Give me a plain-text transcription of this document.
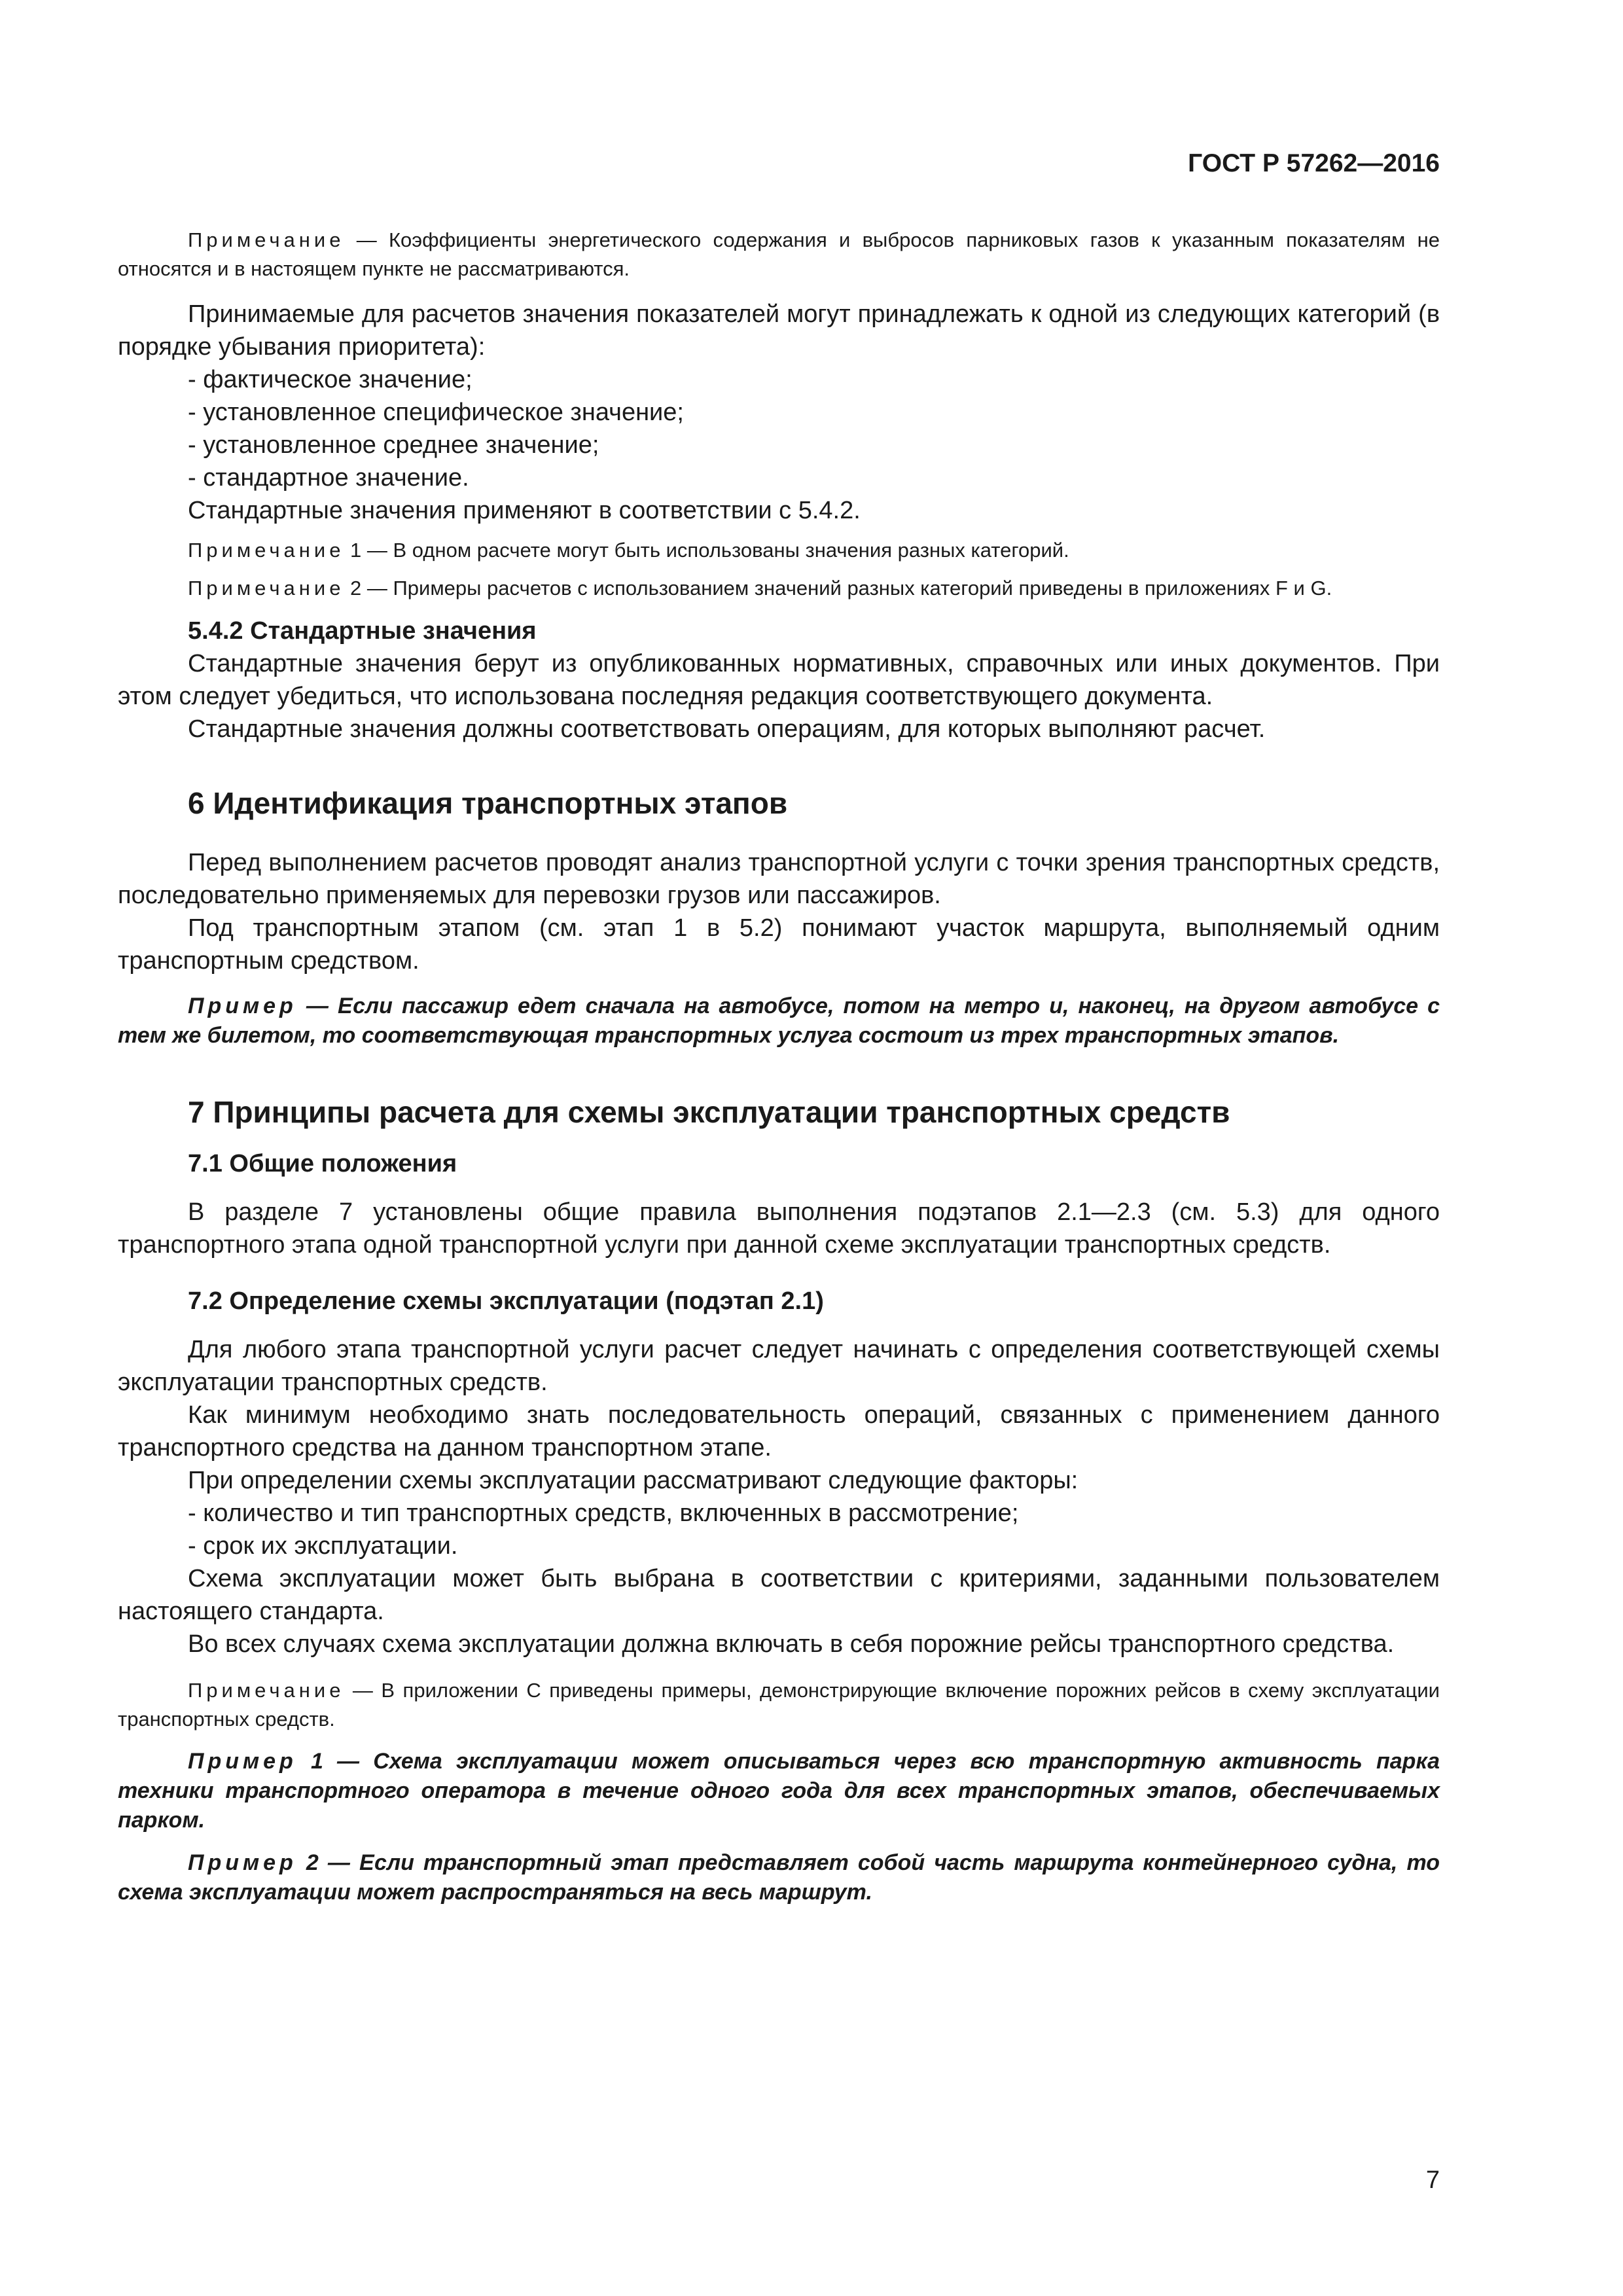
ГОСТ Р 57262—2016

Примечание — Коэффициенты энергетического содержания и выбросов парниковых газов к указанным показателям не относятся и в настоящем пункте не рассматриваются.

Принимаемые для расчетов значения показателей могут принадлежать к одной из следующих категорий (в порядке убывания приоритета):

- фактическое значение;

- установленное специфическое значение;

- установленное среднее значение;

- стандартное значение.

Стандартные значения применяют в соответствии с 5.4.2.

Примечание 1 — В одном расчете могут быть использованы значения разных категорий.

Примечание 2 — Примеры расчетов с использованием значений разных категорий приведены в приложениях F и G.

5.4.2 Стандартные значения

Стандартные значения берут из опубликованных нормативных, справочных или иных документов. При этом следует убедиться, что использована последняя редакция соответствующего документа.

Стандартные значения должны соответствовать операциям, для которых выполняют расчет.

6 Идентификация транспортных этапов

Перед выполнением расчетов проводят анализ транспортной услуги с точки зрения транспортных средств, последовательно применяемых для перевозки грузов или пассажиров.

Под транспортным этапом (см. этап 1 в 5.2) понимают участок маршрута, выполняемый одним транспортным средством.

Пример — Если пассажир едет сначала на автобусе, потом на метро и, наконец, на другом автобусе с тем же билетом, то соответствующая транспортных услуга состоит из трех транспортных этапов.

7 Принципы расчета для схемы эксплуатации транспортных средств

7.1 Общие положения

В разделе 7 установлены общие правила выполнения подэтапов 2.1—2.3 (см. 5.3) для одного транспортного этапа одной транспортной услуги при данной схеме эксплуатации транспортных средств.

7.2 Определение схемы эксплуатации (подэтап 2.1)

Для любого этапа транспортной услуги расчет следует начинать с определения соответствующей схемы эксплуатации транспортных средств.

Как минимум необходимо знать последовательность операций, связанных с применением данного транспортного средства на данном транспортном этапе.

При определении схемы эксплуатации рассматривают следующие факторы:

- количество и тип транспортных средств, включенных в рассмотрение;

- срок их эксплуатации.

Схема эксплуатации может быть выбрана в соответствии с критериями, заданными пользователем настоящего стандарта.

Во всех случаях схема эксплуатации должна включать в себя порожние рейсы транспортного средства.

Примечание — В приложении С приведены примеры, демонстрирующие включение порожних рейсов в схему эксплуатации транспортных средств.

Пример 1 — Схема эксплуатации может описываться через всю транспортную активность парка техники транспортного оператора в течение одного года для всех транспортных этапов, обеспечиваемых парком.

Пример 2 — Если транспортный этап представляет собой часть маршрута контейнерного судна, то схема эксплуатации может распространяться на весь маршрут.

7
